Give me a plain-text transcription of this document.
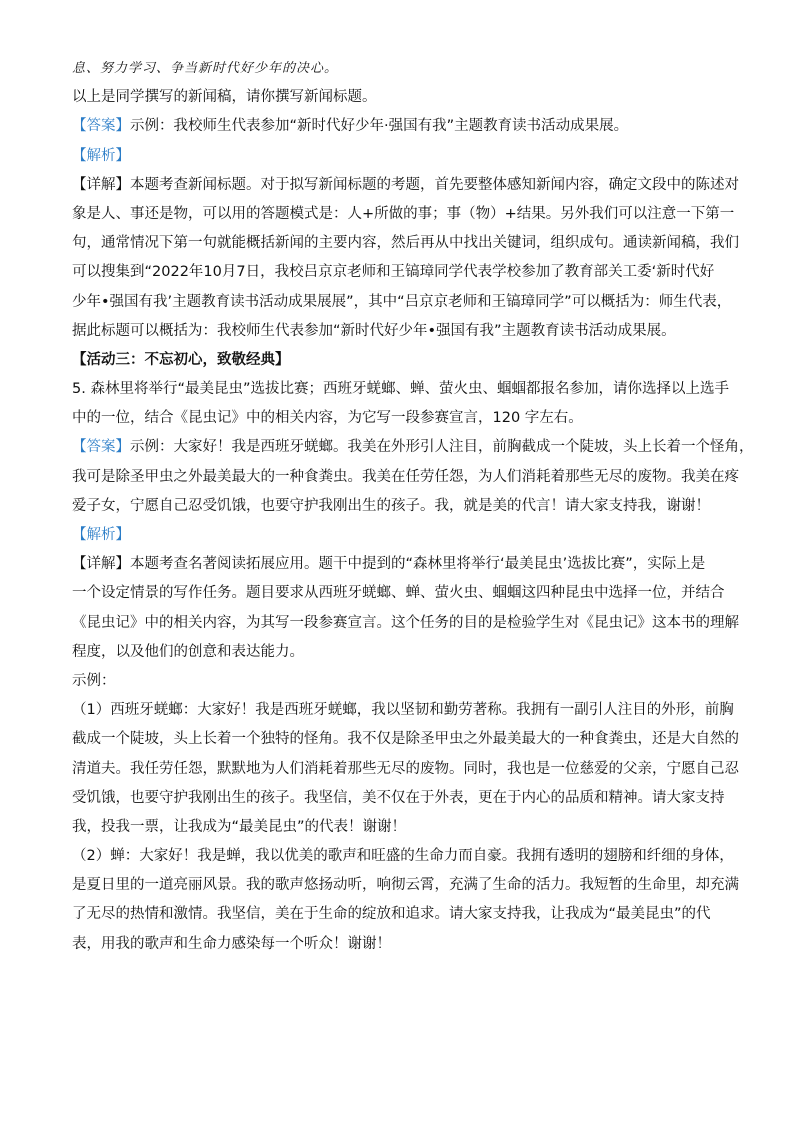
息、努力学习、争当新时代好少年的决心。
以上是同学撰写的新闻稿，请你撰写新闻标题。
【答案】示例：我校师生代表参加“新时代好少年·强国有我”主题教育读书活动成果展。
【解析】
【详解】本题考查新闻标题。对于拟写新闻标题的考题，首先要整体感知新闻内容，确定文段中的陈述对
象是人、事还是物，可以用的答题模式是：人+所做的事；事（物）+结果。另外我们可以注意一下第一
句，通常情况下第一句就能概括新闻的主要内容，然后再从中找出关键词，组织成句。通读新闻稿，我们
可以搜集到“2022年10月7日，我校吕京京老师和王镐璋同学代表学校参加了教育部关工委‘新时代好
少年•强国有我’主题教育读书活动成果展展”，其中“吕京京老师和王镐璋同学”可以概括为：师生代表，
据此标题可以概括为：我校师生代表参加“新时代好少年•强国有我”主题教育读书活动成果展。
【活动三：不忘初心，致敬经典】
5. 森林里将举行“最美昆虫”选拔比赛；西班牙蜣螂、蝉、萤火虫、蝈蝈都报名参加，请你选择以上选手
中的一位，结合《昆虫记》中的相关内容，为它写一段参赛宣言，120 字左右。
【答案】示例：大家好！我是西班牙蜣螂。我美在外形引人注目，前胸截成一个陡坡，头上长着一个怪角，
我可是除圣甲虫之外最美最大的一种食粪虫。我美在任劳任怨，为人们消耗着那些无尽的废物。我美在疼
爱子女，宁愿自己忍受饥饿，也要守护我刚出生的孩子。我，就是美的代言！请大家支持我，谢谢！
【解析】
【详解】本题考查名著阅读拓展应用。题干中提到的“森林里将举行‘最美昆虫’选拔比赛”，实际上是
一个设定情景的写作任务。题目要求从西班牙蜣螂、蝉、萤火虫、蝈蝈这四种昆虫中选择一位，并结合
《昆虫记》中的相关内容，为其写一段参赛宣言。这个任务的目的是检验学生对《昆虫记》这本书的理解
程度，以及他们的创意和表达能力。
示例：
（1）西班牙蜣螂：大家好！我是西班牙蜣螂，我以坚韧和勤劳著称。我拥有一副引人注目的外形，前胸
截成一个陡坡，头上长着一个独特的怪角。我不仅是除圣甲虫之外最美最大的一种食粪虫，还是大自然的
清道夫。我任劳任怨，默默地为人们消耗着那些无尽的废物。同时，我也是一位慈爱的父亲，宁愿自己忍
受饥饿，也要守护我刚出生的孩子。我坚信，美不仅在于外表，更在于内心的品质和精神。请大家支持
我，投我一票，让我成为“最美昆虫”的代表！谢谢！
（2）蝉：大家好！我是蝉，我以优美的歌声和旺盛的生命力而自豪。我拥有透明的翅膀和纤细的身体，
是夏日里的一道亮丽风景。我的歌声悠扬动听，响彻云霄，充满了生命的活力。我短暂的生命里，却充满
了无尽的热情和激情。我坚信，美在于生命的绽放和追求。请大家支持我，让我成为“最美昆虫”的代
表，用我的歌声和生命力感染每一个听众！谢谢！
